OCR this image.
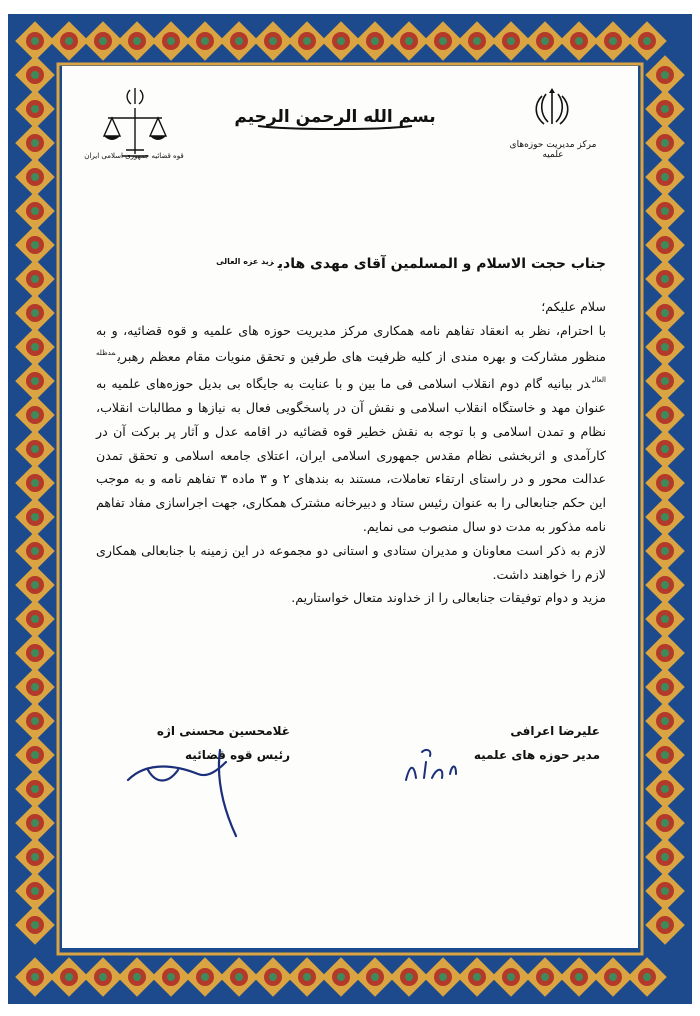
مرکز مدیریت حوزه‌های علمیه
قوه قضائیه جمهوری اسلامی ایران
بسم الله الرحمن الرحیم
جناب حجت الاسلام و المسلمین آقای مهدی هادی$^{زید عزه العالی}$
سلام علیکم؛
با احترام، نظر به انعقاد تفاهم نامه همکاری مرکز مدیریت حوزه های علمیه و قوه قضائیه، و به منظور مشارکت و بهره مندی از کلیه ظرفیت های طرفین و تحقق منویات مقام معظم رهبری$^{مدظله العالی}$در بیانیه گام دوم انقلاب اسلامی فی ما بین و با عنایت به جایگاه بی بدیل حوزه‌های علمیه به عنوان مهد و خاستگاه انقلاب اسلامی و نقش آن در پاسخگویی فعال به نیازها و مطالبات انقلاب، نظام و تمدن اسلامی و با توجه به نقش خطیر قوه قضائیه در اقامه عدل و آثار پر برکت آن در کارآمدی و اثربخشی نظام مقدس جمهوری اسلامی ایران، اعتلای جامعه اسلامی و تحقق تمدن عدالت محور و در راستای ارتقاء تعاملات، مستند به بندهای ۲ و ۳ ماده ۳ تفاهم نامه و به موجب این حکم جنابعالی را به عنوان رئیس ستاد و دبیرخانه مشترک همکاری، جهت اجراسازی مفاد تفاهم نامه مذکور به مدت دو سال منصوب می نمایم.
لازم به ذکر است معاونان و مدیران ستادی و استانی دو مجموعه در این زمینه با جنابعالی همکاری لازم را خواهند داشت.
مزید و دوام توفیقات جنابعالی را از خداوند متعال خواستاریم.
علیرضا اعرافی
مدیر حوزه های علمیه
غلامحسین محسنی اژه
رئیس قوه قضائیه
